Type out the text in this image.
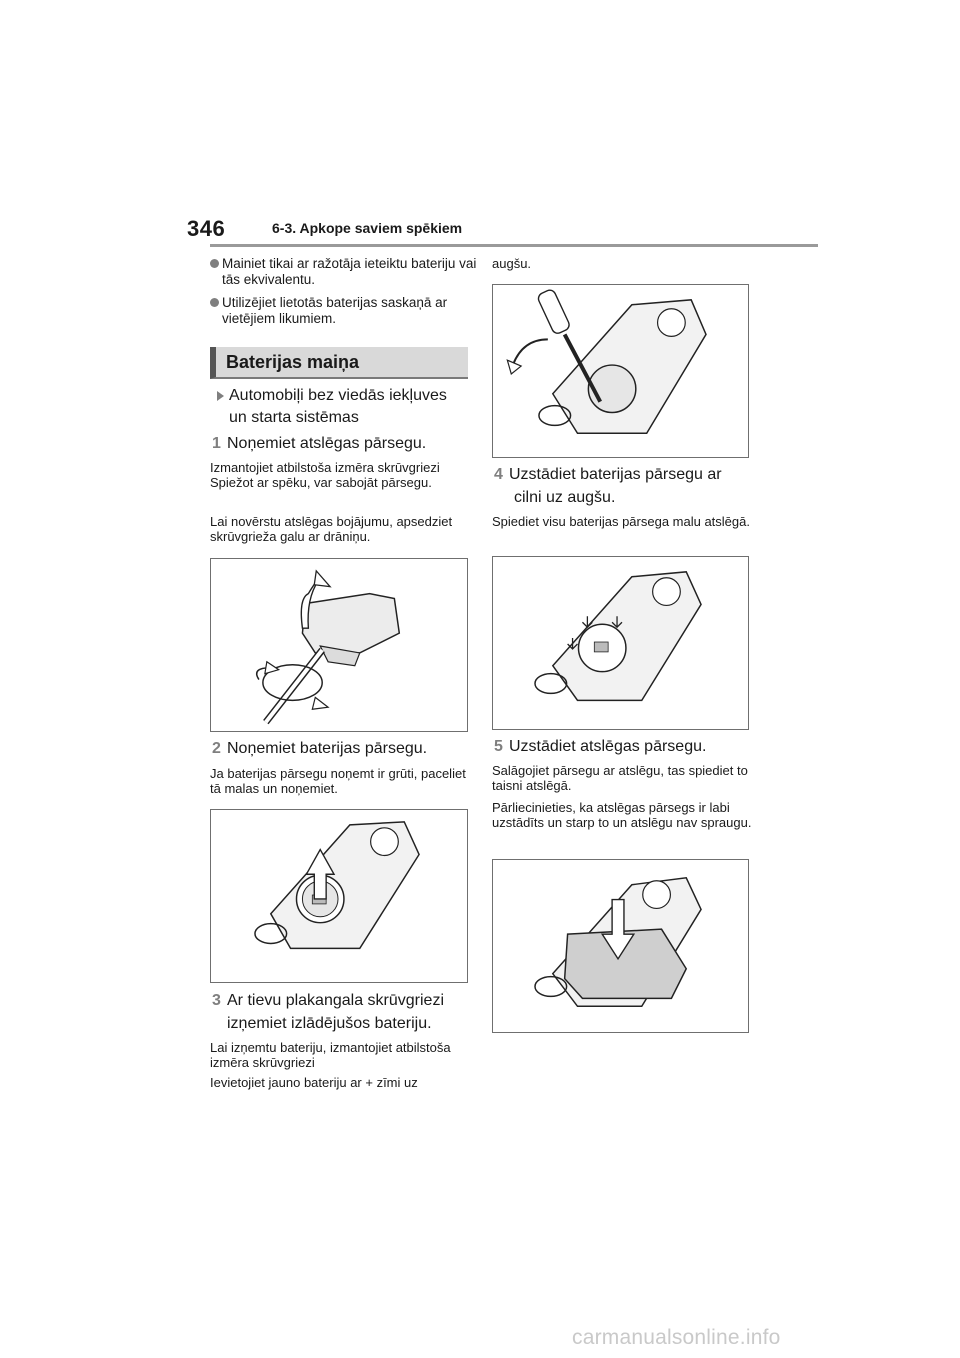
346	6-3. Apkope saviem spēkiem
Mainiet tikai ar ražotāja ieteiktu bateriju vai tās ekvivalentu.
Utilizējiet lietotās baterijas saskaņā ar vietējiem likumiem.
Baterijas maiņa
Automobiļi bez viedās iekļuves
un starta sistēmas
1 Noņemiet atslēgas pārsegu.
Izmantojiet atbilstoša izmēra skrūvgriezi Spiežot ar spēku, var sabojāt pārsegu.
Lai novērstu atslēgas bojājumu, apsedziet skrūvgrieža galu ar drāniņu.
2 Noņemiet baterijas pārsegu.
Ja baterijas pārsegu noņemt ir grūti, paceliet tā malas un noņemiet.
3 Ar tievu plakangala skrūvgriezi
izņemiet izlādējušos bateriju.
Lai izņemtu bateriju, izmantojiet atbilstoša izmēra skrūvgriezi
Ievietojiet jauno bateriju ar + zīmi uz
augšu.
4 Uzstādiet baterijas pārsegu ar
cilni uz augšu.
Spiediet visu baterijas pārsega malu atslēgā.
5 Uzstādiet atslēgas pārsegu.
Salāgojiet pārsegu ar atslēgu, tas spiediet to taisni atslēgā.
Pārliecinieties, ka atslēgas pārsegs ir labi uzstādīts un starp to un atslēgu nav spraugu.
carmanualsonline.info
